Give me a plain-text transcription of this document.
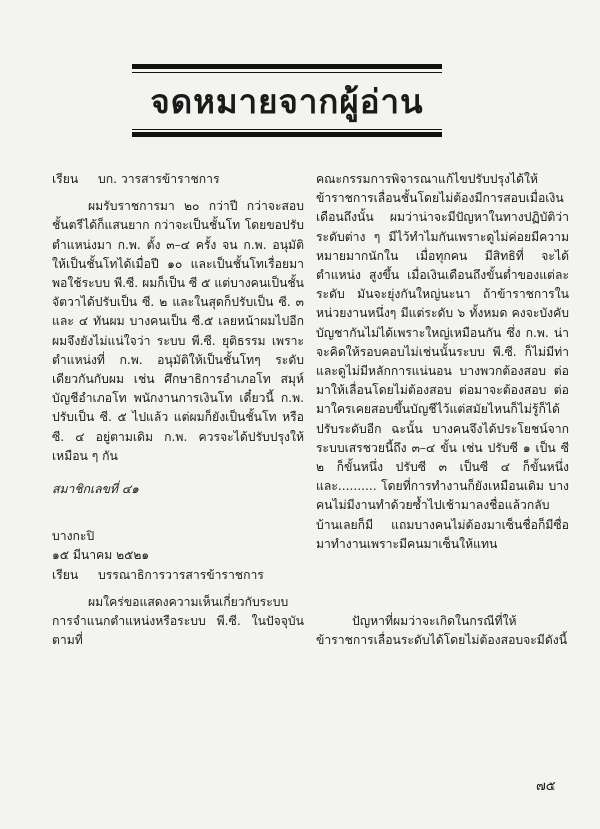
จดหมายจากผู้อ่าน

เรียน	บก. วารสารข้าราชการ

ผมรับราชการมา ๒๐ กว่าปี กว่าจะสอบชั้นตรีได้ก็แสนยาก กว่าจะเป็นชั้นโท โดยขอปรับตำแหน่งมา ก.พ. ตั้ง ๓–๔ ครั้ง จน ก.พ. อนุมัติให้เป็นชั้นโทได้เมื่อปี ๑๐ และเป็นชั้นโทเรื่อยมา พอใช้ระบบ พี.ซี. ผมก็เป็น ซี ๕ แต่บางคนเป็นชั้นจัตวาได้ปรับเป็น ซี. ๒ และในสุดก็ปรับเป็น ซี. ๓ และ ๔ ทันผม บางคนเป็น ซี.๕ เลยหน้าผมไปอีก ผมจึงยังไม่แน่ใจว่า ระบบ พี.ซี. ยุติธรรม เพราะตำแหน่งที่ ก.พ. อนุมัติให้เป็นชั้นโทๆ ระดับเดียวกันกับผม เช่น ศึกษาธิการอำเภอโท สมุห์บัญชีอำเภอโท พนักงานการเงินโท เดี๋ยวนี้ ก.พ. ปรับเป็น ซี. ๕ ไปแล้ว แต่ผมก็ยังเป็นชั้นโท หรือ ซี. ๔ อยู่ตามเดิม ก.พ. ควรจะได้ปรับปรุงให้เหมือน ๆ กัน

สมาชิกเลขที่ ๔๑

บางกะปิ

๑๕ มีนาคม ๒๕๒๑

เรียน	บรรณาธิการวารสารข้าราชการ

ผมใคร่ขอแสดงความเห็นเกี่ยวกับระบบการจำแนกตำแหน่งหรือระบบ พี.ซี. ในปัจจุบันตามที่

คณะกรรมการพิจารณาแก้ไขปรับปรุงได้ให้ข้าราชการเลื่อนชั้นโดยไม่ต้องมีการสอบเมื่อเงินเดือนถึงนั้น ผมว่าน่าจะมีปัญหาในทางปฏิบัติว่าระดับต่าง ๆ มีไว้ทำไมกันเพราะดูไม่ค่อยมีความหมายมากนักใน เมื่อทุกคน มีสิทธิที่ จะได้ตำแหน่ง สูงขึ้น เมื่อเงินเดือนถึงขั้นต่ำของแต่ละระดับ มันจะยุ่งกันใหญ่นะนา ถ้าข้าราชการในหน่วยงานหนึ่งๆ มีแต่ระดับ ๖ ทั้งหมด คงจะบังคับบัญชากันไม่ได้เพราะใหญ่เหมือนกัน ซึ่ง ก.พ. น่าจะคิดให้รอบคอบไม่เช่นนั้นระบบ พี.ซี. ก็ไม่มีท่าและดูไม่มีหลักการแน่นอน บางพวกต้องสอบ ต่อมาให้เลื่อนโดยไม่ต้องสอบ ต่อมาจะต้องสอบ ต่อมาใครเคยสอบขึ้นบัญชีไว้แต่สมัยไหนก็ไม่รู้ก็ได้ปรับระดับอีก ฉะนั้น บางคนจึงได้ประโยชน์จากระบบเสรชวยนี้ถึง ๓–๔ ขั้น เช่น ปรับซี ๑ เป็น ซี ๒ ก็ขั้นหนึ่ง ปรับซี ๓ เป็นซี ๔ ก็ขั้นหนึ่ง และ.......... โดยที่การทำงานก็ยังเหมือนเดิม บางคนไม่มีงานทำด้วยซ้ำไปเช้ามาลงชื่อแล้วกลับบ้านเลยก็มี แถมบางคนไม่ต้องมาเซ็นชื่อก็มีซื่อมาทำงานเพราะมีคนมาเซ็นให้แทน

ปัญหาที่ผมว่าจะเกิดในกรณีที่ให้ข้าราชการเลื่อนระดับได้โดยไม่ต้องสอบจะมีดังนี้

๗๕
